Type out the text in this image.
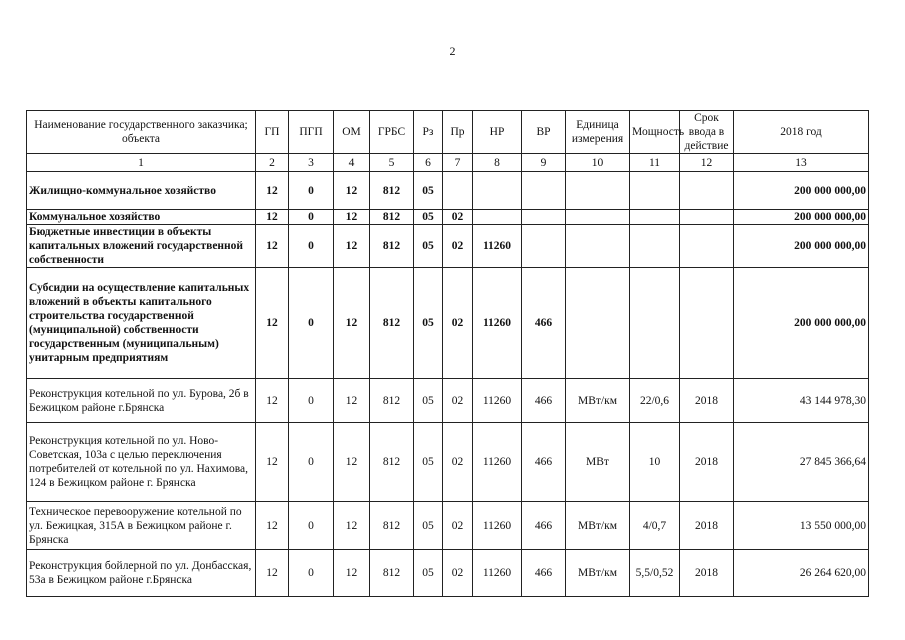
2
Наименование государственного заказчика; объекта	ГП	ПГП	ОМ	ГРБС	Рз	Пр	НР	ВР	Единица измерения	Мощность	Срок ввода в действие	2018 год
1	2	3	4	5	6	7	8	9	10	11	12	13
Жилищно-коммунальное хозяйство	12	0	12	812	05							200 000 000,00
Коммунальное хозяйство	12	0	12	812	05	02						200 000 000,00
Бюджетные инвестиции в объекты капитальных вложений государственной собственности	12	0	12	812	05	02	11260					200 000 000,00
Субсидии на осуществление капитальных вложений в объекты капитального строительства государственной (муниципальной) собственности государственным (муниципальным) унитарным предприятиям	12	0	12	812	05	02	11260	466				200 000 000,00
Реконструкция котельной по ул. Бурова, 2б в Бежицком районе г.Брянска	12	0	12	812	05	02	11260	466	МВт/км	22/0,6	2018	43 144 978,30
Реконструкция котельной по ул. Ново-Советская, 103а с целью переключения потребителей от котельной по ул. Нахимова, 124 в Бежицком районе г. Брянска	12	0	12	812	05	02	11260	466	МВт	10	2018	27 845 366,64
Техническое перевооружение котельной по ул. Бежицкая, 315А в Бежицком районе г. Брянска	12	0	12	812	05	02	11260	466	МВт/км	4/0,7	2018	13 550 000,00
Реконструкция бойлерной по ул. Донбасская, 53а в Бежицком районе г.Брянска	12	0	12	812	05	02	11260	466	МВт/км	5,5/0,52	2018	26 264 620,00
